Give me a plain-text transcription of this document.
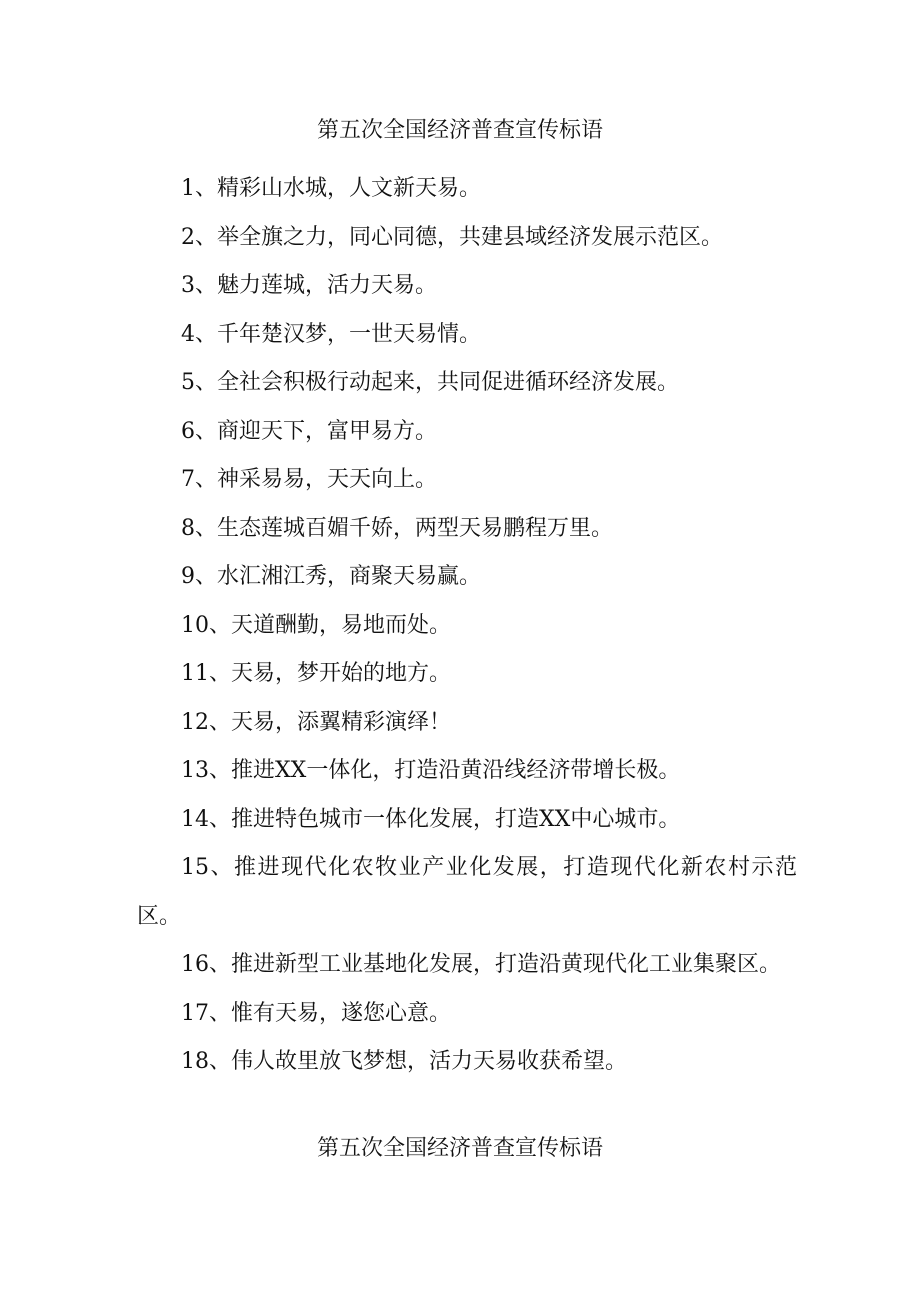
第五次全国经济普查宣传标语
1、精彩山水城，人文新天易。
2、举全旗之力，同心同德，共建县域经济发展示范区。
3、魅力莲城，活力天易。
4、千年楚汉梦，一世天易情。
5、全社会积极行动起来，共同促进循环经济发展。
6、商迎天下，富甲易方。
7、神采易易，天天向上。
8、生态莲城百媚千娇，两型天易鹏程万里。
9、水汇湘江秀，商聚天易赢。
10、天道酬勤，易地而处。
11、天易，梦开始的地方。
12、天易，添翼精彩演绎！
13、推进XX一体化，打造沿黄沿线经济带增长极。
14、推进特色城市一体化发展，打造XX中心城市。
15、推进现代化农牧业产业化发展，打造现代化新农村示范区。
16、推进新型工业基地化发展，打造沿黄现代化工业集聚区。
17、惟有天易，遂您心意。
18、伟人故里放飞梦想，活力天易收获希望。
第五次全国经济普查宣传标语
